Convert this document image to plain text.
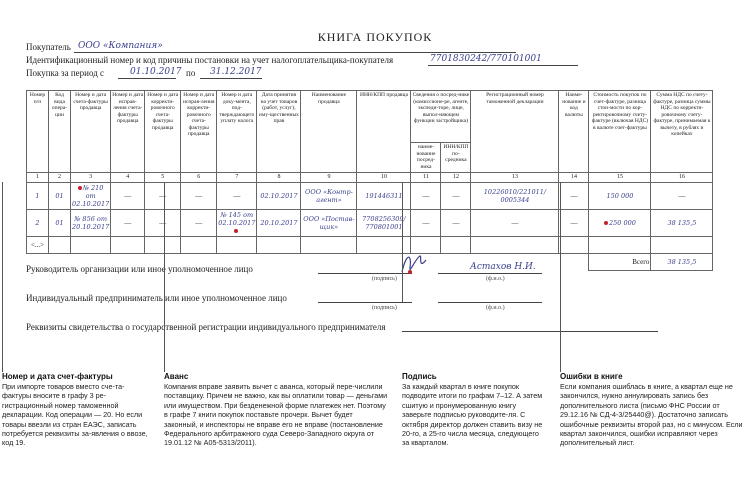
КНИГА ПОКУПОК
Покупатель ООО «Компания»
Идентификационный номер и код причины постановки на учет налогоплательщика-покупателя	7701830242/770101001
Покупка за период с	01.10.2017 по 31.12.2017
Номер п/п	Код вида опера-ции	Номер и дата счета-фактуры продавца	Номер и дата исправ-ления счета-фактуры продавца	Номер и дата корректи-ровочного счета-фактуры продавца	Номер и дата исправ-ления корректи-ровочного счета-фактуры продавца	Номер и дата доку-мента, под-тверждающего уплату налога	Дата принятия на учет товаров (работ, услуг), иму-щественных прав	Наименование продавца	ИНН/КПП продавца	Сведения о посред-нике (комиссионе-ре, агенте, экспеди-торе, лице, выпол-няющем функции застройщика)		Регистрационный номер таможенной декларации	Наиме-нование и код валюты	Стоимость покупок по счет-фактуре, разница стои-мости по кор-ректировочному счету-фактуре (включая НДС) в валюте счет-фактуры	Сумма НДС по счету-фактуре, разница суммы НДС по корректи-ровочному счету-фактуре, принимаемая к вычету, в рублях и копейках
										наиме-нование посред-ника	ИНН/КПП по-средника				
1	2	3	4	5	6	7	8	9	10	11	12	13	14	15	16
1	01	№ 210 от 02.10.2017	—	—	—	—	02.10.2017	ООО «Контр-агент»	191446311	—	—	10226010/221011/ 0005344	—	150 000	—
2	01	№ 856 от 20.10.2017	—	—	—	№ 145 от 02.10.2017	20.10.2017	ООО «Постав-щик»	7708256309/ 770801001	—	—	—	—	250 000	38 135,5
<...>															
														Всего	38 135,5
Руководитель организации или иное уполномоченное лицо	Астахов Н.И.
(подпись)	(ф.и.о.)
Индивидуальный предприниматель или иное уполномоченное лицо
(подпись)	(ф.и.о.)
Реквизиты свидетельства о государственной регистрации индивидуального предпринимателя
Номер и дата счет-фактуры

При импорте товаров вместо сче-та-фактуры вносите в графу 3 ре-гистрационный номер таможенной декларации. Код операции — 20. Но если товары ввезли из стран ЕАЭС, записать потребуется реквизиты за-явления о ввозе, код 19.

Аванс

Компания вправе заявить вычет с аванса, который пере-числили поставщику. Причем не важно, как вы оплатили товар — деньгами или имуществом. При безденежной форме платежек нет. Поэтому в графе 7 книги покупок поставьте прочерк. Вычет будет законный, и инспекторы не вправе его не вправе (постановление Федерального арбитражного суда Северо-Западного округа от 19.01.12 № А05-5313/2011).

Подпись

За каждый квартал в книге покупок подводите итоги по графам 7–12. А затем сшитую и пронумерованную книгу заверьте подписью руководите-ля. С октября директор должен ставить визу не 20-го, а 25-го числа месяца, следующего за кварталом.

Ошибки в книге

Если компания ошиблась в книге, а квартал еще не закончился, нужно аннулировать запись без дополнительного листа (письмо ФНС России от 29.12.16 № СД-4-3/25440@). Достаточно записать ошибочные реквизиты второй раз, но с минусом. Если квартал закончился, ошибки исправляют через дополнительный лист.
